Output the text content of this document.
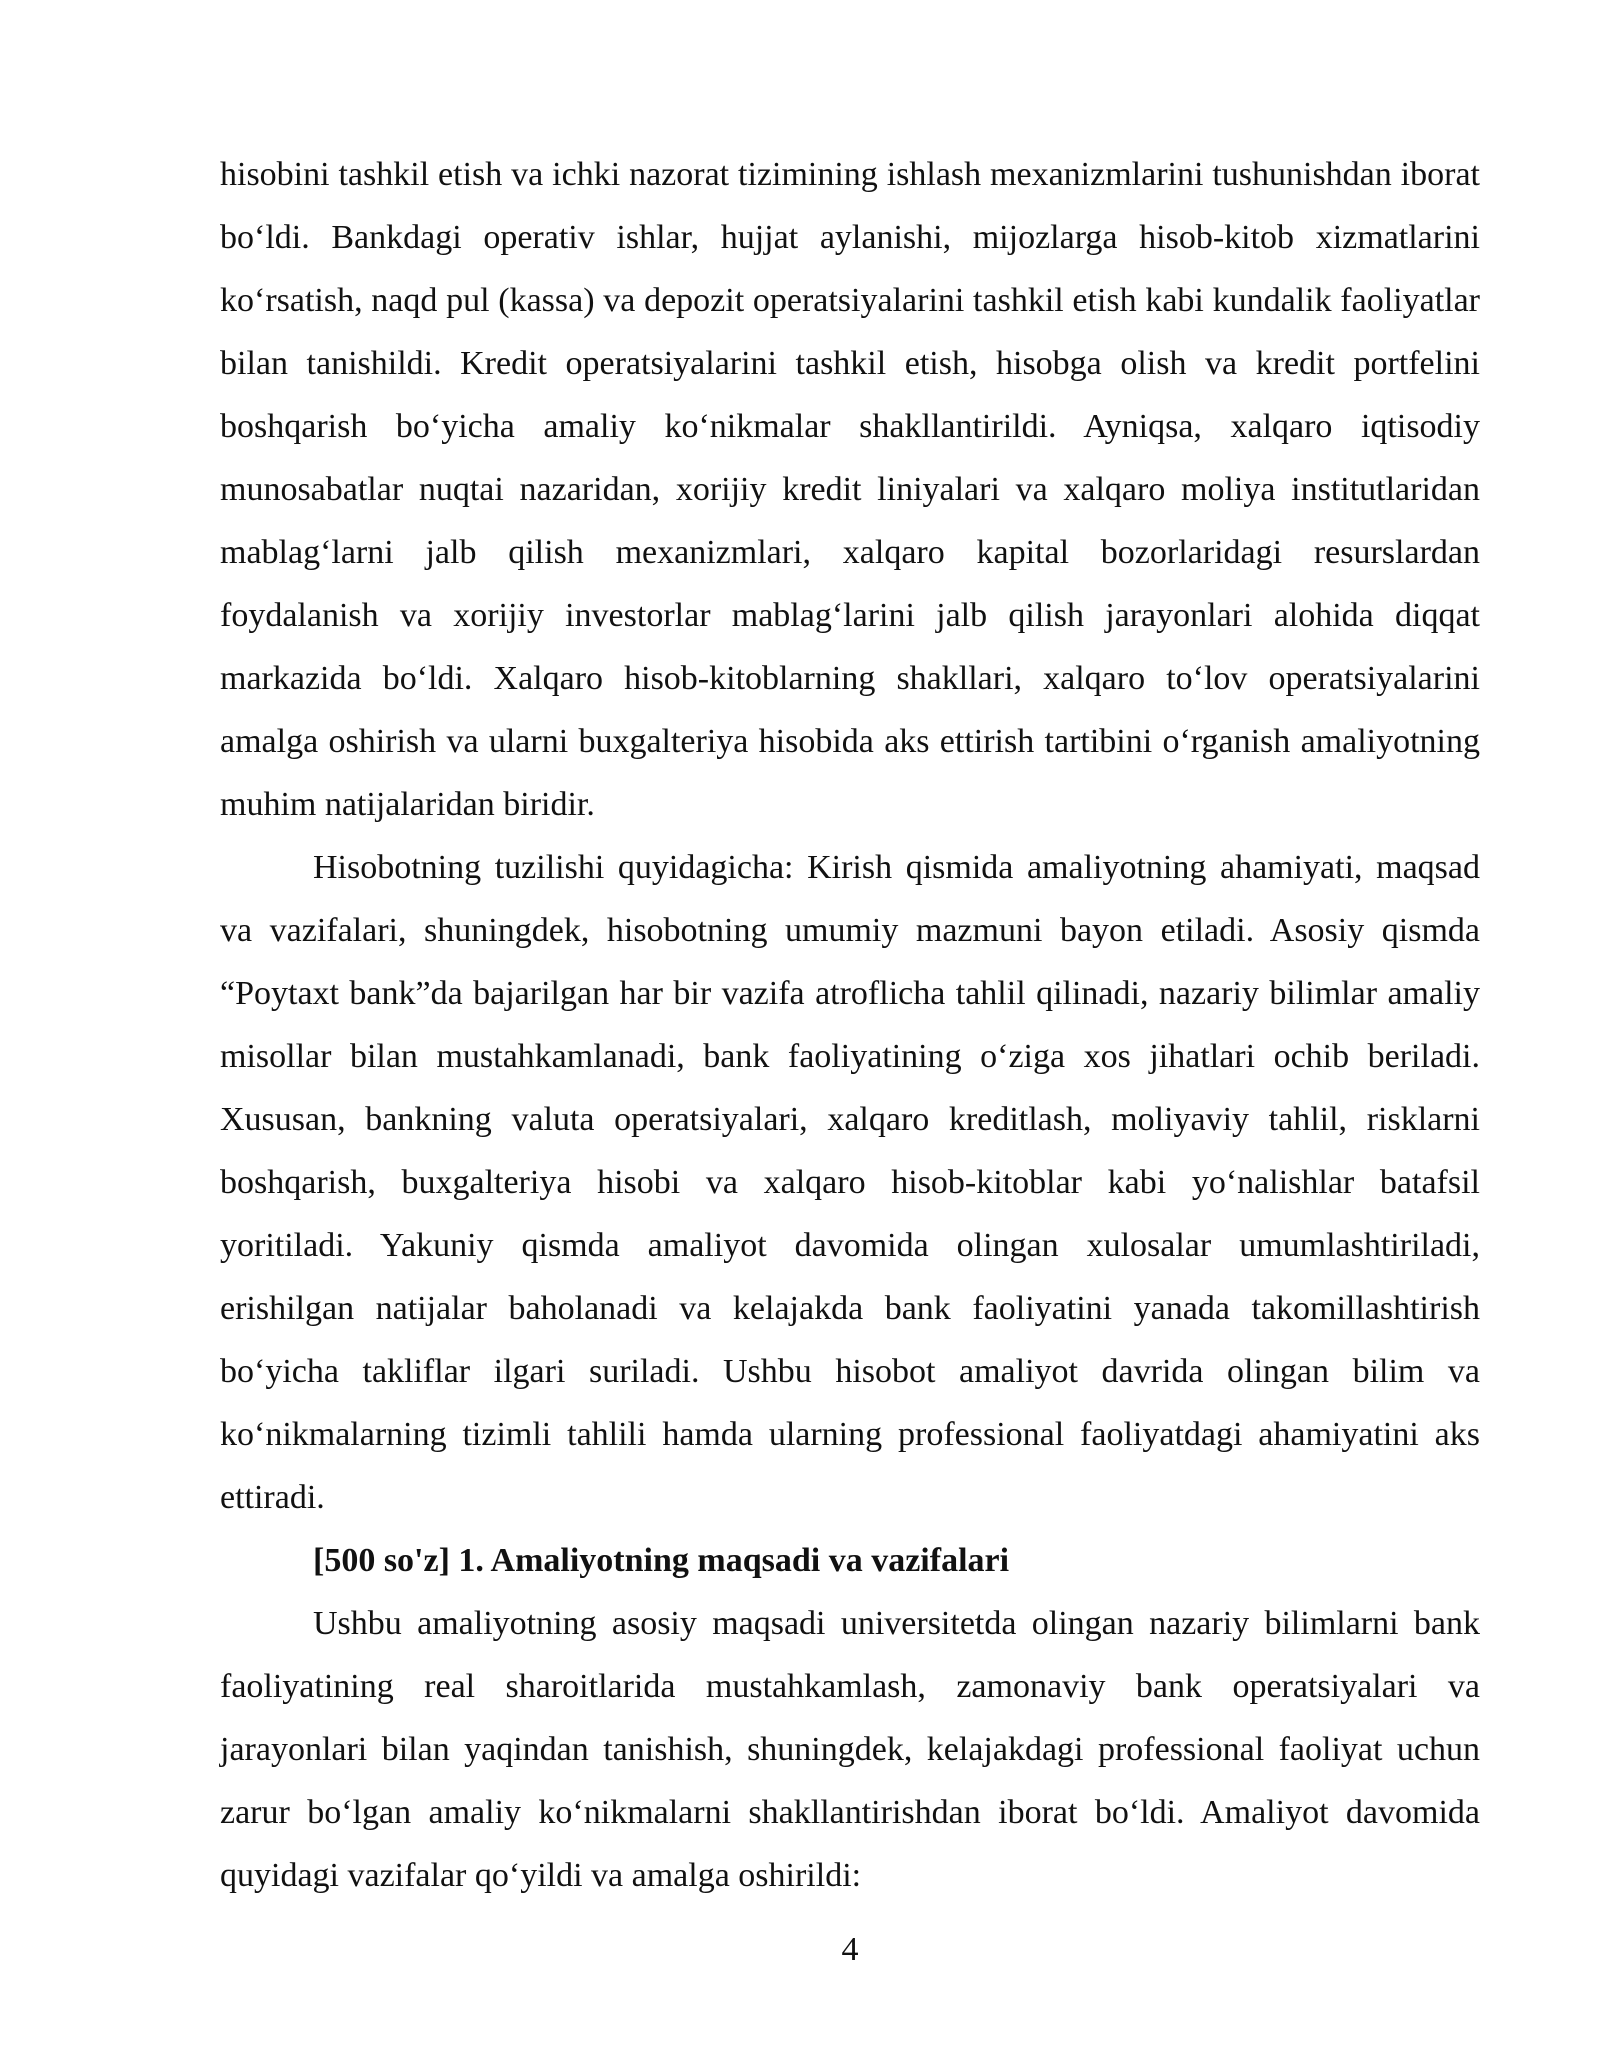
hisobini tashkil etish va ichki nazorat tizimining ishlash mexanizmlarini tushunishdan iborat bo‘ldi. Bankdagi operativ ishlar, hujjat aylanishi, mijozlarga hisob-kitob xizmatlarini ko‘rsatish, naqd pul (kassa) va depozit operatsiyalarini tashkil etish kabi kundalik faoliyatlar bilan tanishildi. Kredit operatsiyalarini tashkil etish, hisobga olish va kredit portfelini boshqarish bo‘yicha amaliy ko‘nikmalar shakllantirildi. Ayniqsa, xalqaro iqtisodiy munosabatlar nuqtai nazaridan, xorijiy kredit liniyalari va xalqaro moliya institutlaridan mablag‘larni jalb qilish mexanizmlari, xalqaro kapital bozorlaridagi resurslardan foydalanish va xorijiy investorlar mablag‘larini jalb qilish jarayonlari alohida diqqat markazida bo‘ldi. Xalqaro hisob-kitoblarning shakllari, xalqaro to‘lov operatsiyalarini amalga oshirish va ularni buxgalteriya hisobida aks ettirish tartibini o‘rganish amaliyotning muhim natijalaridan biridir.

Hisobotning tuzilishi quyidagicha: Kirish qismida amaliyotning ahamiyati, maqsad va vazifalari, shuningdek, hisobotning umumiy mazmuni bayon etiladi. Asosiy qismda “Poytaxt bank”da bajarilgan har bir vazifa atroflicha tahlil qilinadi, nazariy bilimlar amaliy misollar bilan mustahkamlanadi, bank faoliyatining o‘ziga xos jihatlari ochib beriladi. Xususan, bankning valuta operatsiyalari, xalqaro kreditlash, moliyaviy tahlil, risklarni boshqarish, buxgalteriya hisobi va xalqaro hisob-kitoblar kabi yo‘nalishlar batafsil yoritiladi. Yakuniy qismda amaliyot davomida olingan xulosalar umumlashtiriladi, erishilgan natijalar baholanadi va kelajakda bank faoliyatini yanada takomillashtirish bo‘yicha takliflar ilgari suriladi. Ushbu hisobot amaliyot davrida olingan bilim va ko‘nikmalarning tizimli tahlili hamda ularning professional faoliyatdagi ahamiyatini aks ettiradi.

[500 so'z] 1. Amaliyotning maqsadi va vazifalari

Ushbu amaliyotning asosiy maqsadi universitetda olingan nazariy bilimlarni bank faoliyatining real sharoitlarida mustahkamlash, zamonaviy bank operatsiyalari va jarayonlari bilan yaqindan tanishish, shuningdek, kelajakdagi professional faoliyat uchun zarur bo‘lgan amaliy ko‘nikmalarni shakllantirishdan iborat bo‘ldi. Amaliyot davomida quyidagi vazifalar qo‘yildi va amalga oshirildi:

4
